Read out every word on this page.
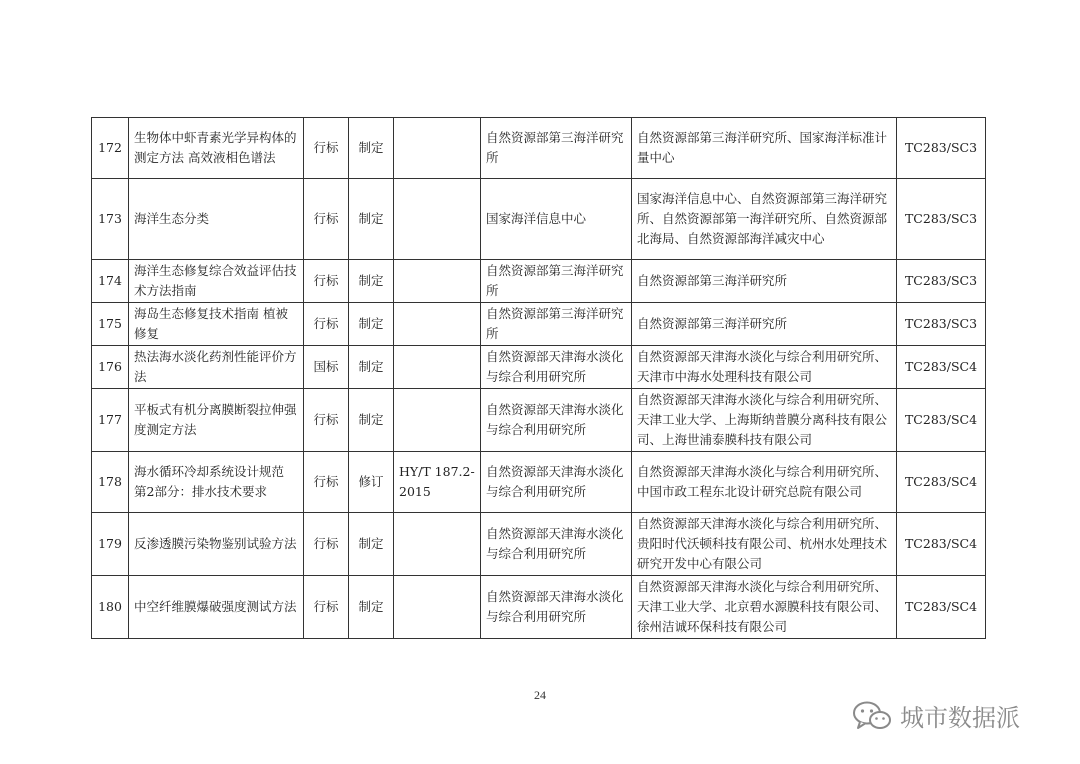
172	生物体中虾青素光学异构体的测定方法 高效液相色谱法	行标	制定		自然资源部第三海洋研究所	自然资源部第三海洋研究所、国家海洋标准计量中心	TC283/SC3
173	海洋生态分类	行标	制定		国家海洋信息中心	国家海洋信息中心、自然资源部第三海洋研究所、自然资源部第一海洋研究所、自然资源部北海局、自然资源部海洋减灾中心	TC283/SC3
174	海洋生态修复综合效益评估技术方法指南	行标	制定		自然资源部第三海洋研究所	自然资源部第三海洋研究所	TC283/SC3
175	海岛生态修复技术指南 植被修复	行标	制定		自然资源部第三海洋研究所	自然资源部第三海洋研究所	TC283/SC3
176	热法海水淡化药剂性能评价方法	国标	制定		自然资源部天津海水淡化与综合利用研究所	自然资源部天津海水淡化与综合利用研究所、天津市中海水处理科技有限公司	TC283/SC4
177	平板式有机分离膜断裂拉伸强度测定方法	行标	制定		自然资源部天津海水淡化与综合利用研究所	自然资源部天津海水淡化与综合利用研究所、天津工业大学、上海斯纳普膜分离科技有限公司、上海世浦泰膜科技有限公司	TC283/SC4
178	海水循环冷却系统设计规范 第2部分：排水技术要求	行标	修订	HY/T 187.2-2015	自然资源部天津海水淡化与综合利用研究所	自然资源部天津海水淡化与综合利用研究所、中国市政工程东北设计研究总院有限公司	TC283/SC4
179	反渗透膜污染物鉴别试验方法	行标	制定		自然资源部天津海水淡化与综合利用研究所	自然资源部天津海水淡化与综合利用研究所、贵阳时代沃顿科技有限公司、杭州水处理技术研究开发中心有限公司	TC283/SC4
180	中空纤维膜爆破强度测试方法	行标	制定		自然资源部天津海水淡化与综合利用研究所	自然资源部天津海水淡化与综合利用研究所、天津工业大学、北京碧水源膜科技有限公司、徐州洁诚环保科技有限公司	TC283/SC4
24
城市数据派
